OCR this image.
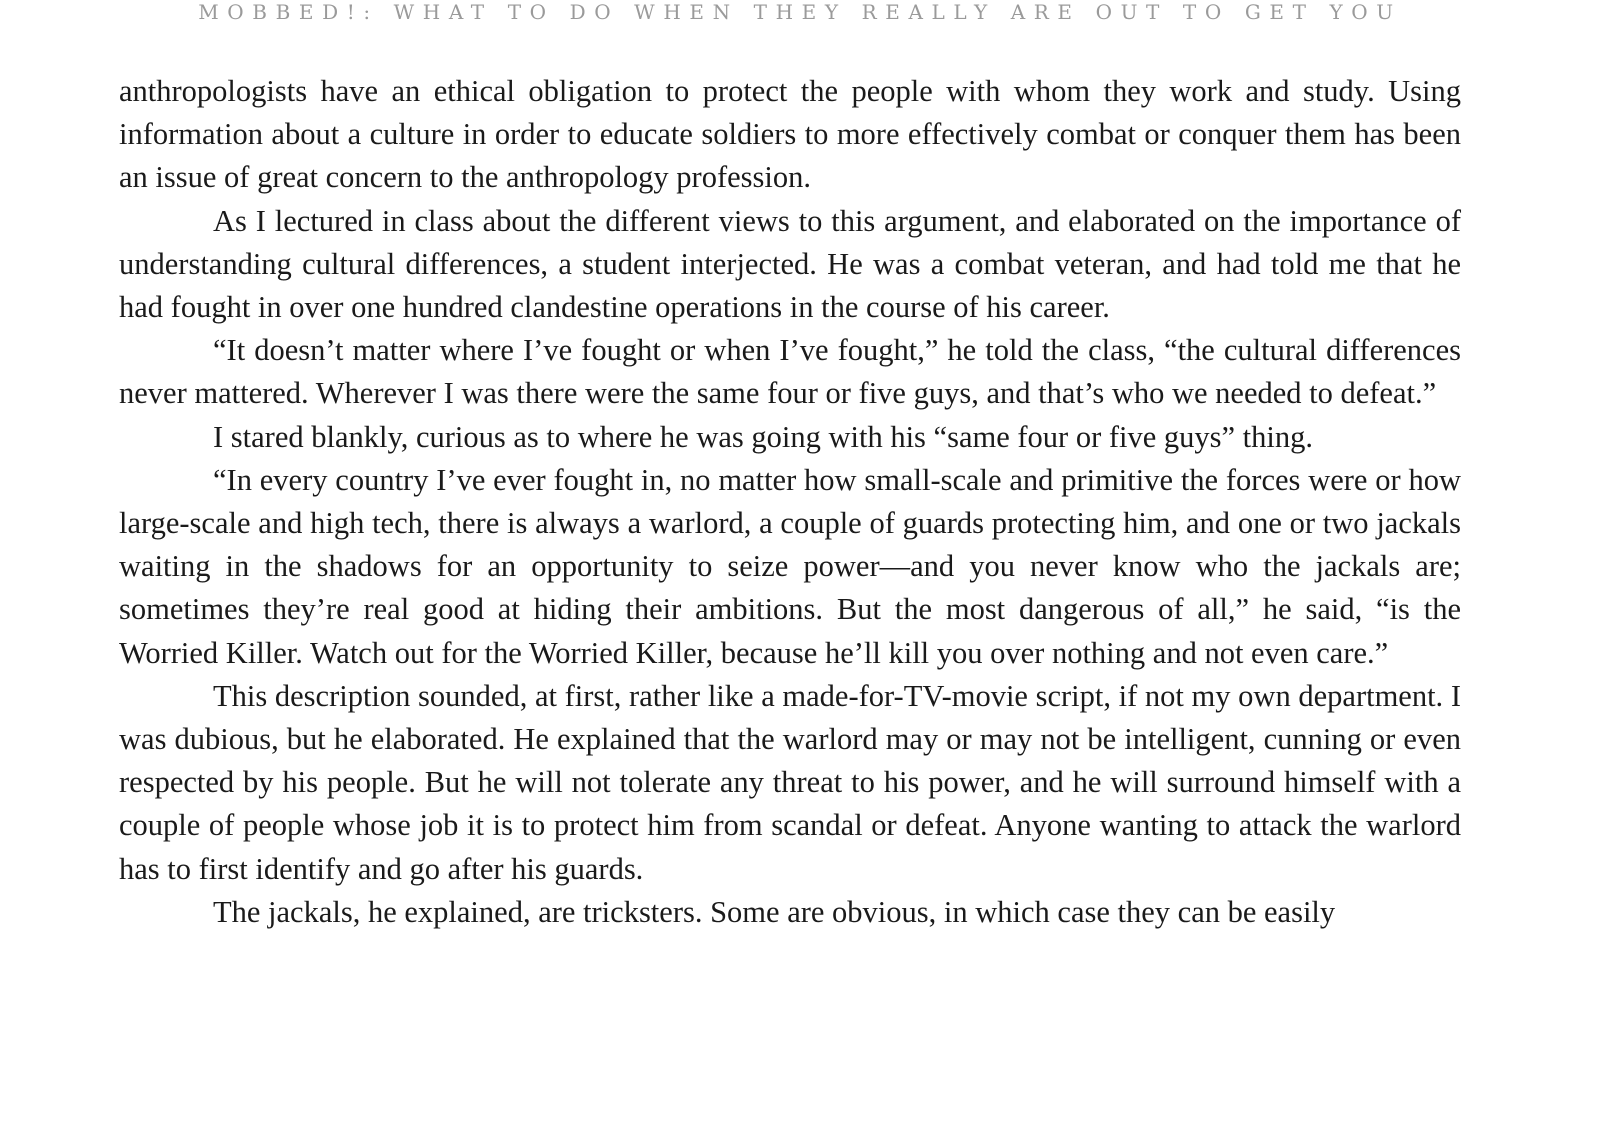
MOBBED!: WHAT TO DO WHEN THEY REALLY ARE OUT TO GET YOU

anthropologists have an ethical obligation to protect the people with whom they work and study. Using information about a culture in order to educate soldiers to more effectively combat or conquer them has been an issue of great concern to the anthropology profession.

As I lectured in class about the different views to this argument, and elaborated on the importance of understanding cultural differences, a student interjected. He was a combat veteran, and had told me that he had fought in over one hundred clandestine operations in the course of his career.

“It doesn’t matter where I’ve fought or when I’ve fought,” he told the class, “the cultural differences never mattered. Wherever I was there were the same four or five guys, and that’s who we needed to defeat.”

I stared blankly, curious as to where he was going with his “same four or five guys” thing.

“In every country I’ve ever fought in, no matter how small-scale and primitive the forces were or how large-scale and high tech, there is always a warlord, a couple of guards protecting him, and one or two jackals waiting in the shadows for an opportunity to seize power—and you never know who the jackals are; sometimes they’re real good at hiding their ambitions. But the most dangerous of all,” he said, “is the Worried Killer. Watch out for the Worried Killer, because he’ll kill you over nothing and not even care.”

This description sounded, at first, rather like a made-for-TV-movie script, if not my own department. I was dubious, but he elaborated. He explained that the warlord may or may not be intelligent, cunning or even respected by his people. But he will not tolerate any threat to his power, and he will surround himself with a couple of people whose job it is to protect him from scandal or defeat. Anyone wanting to attack the warlord has to first identify and go after his guards.

The jackals, he explained, are tricksters. Some are obvious, in which case they can be easily
